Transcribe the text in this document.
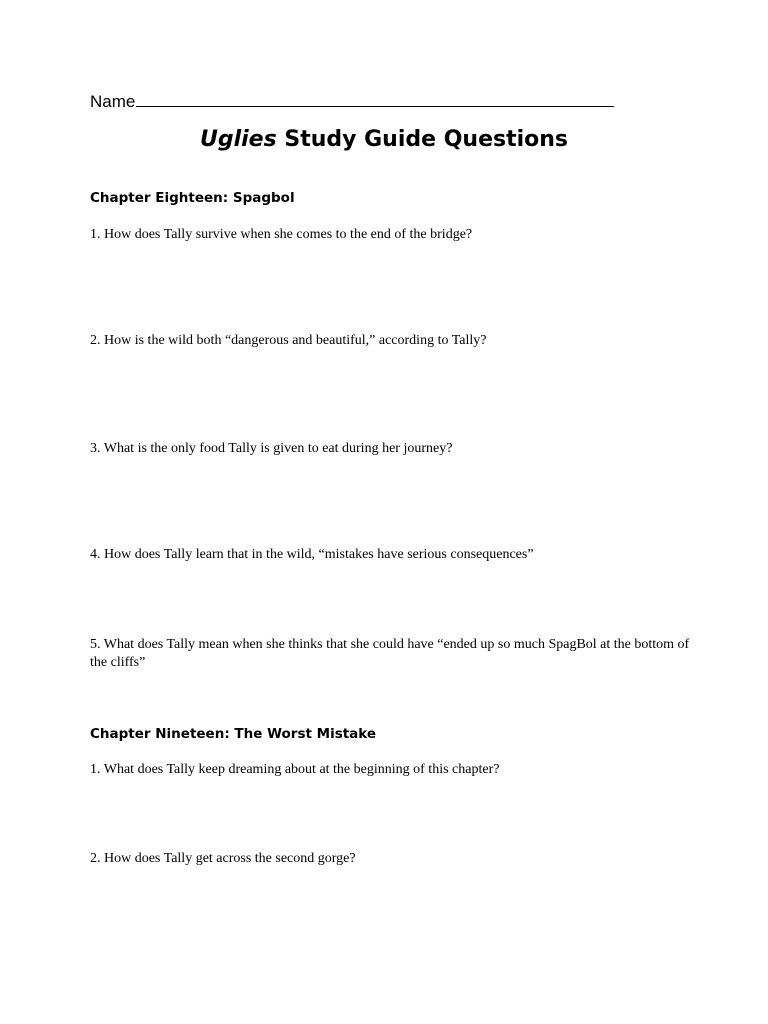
Name
Uglies Study Guide Questions
Chapter Eighteen: Spagbol
1. How does Tally survive when she comes to the end of the bridge?
2. How is the wild both “dangerous and beautiful,” according to Tally?
3. What is the only food Tally is given to eat during her journey?
4. How does Tally learn that in the wild, “mistakes have serious consequences”
5. What does Tally mean when she thinks that she could have “ended up so much SpagBol at the bottom of the cliffs”
Chapter Nineteen: The Worst Mistake
1. What does Tally keep dreaming about at the beginning of this chapter?
2. How does Tally get across the second gorge?
